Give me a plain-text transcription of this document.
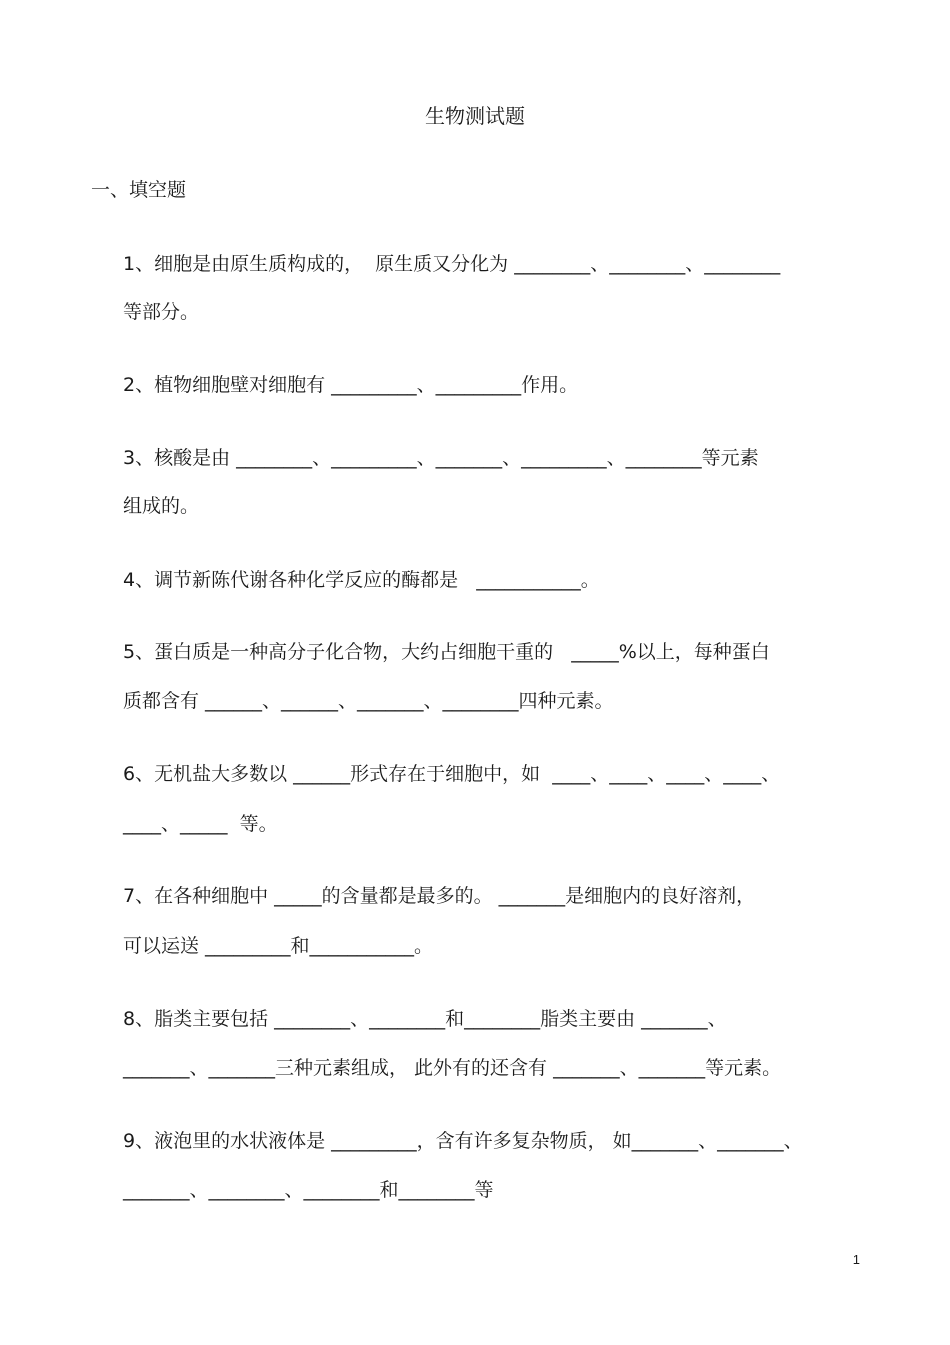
生物测试题
一、填空题
1、细胞是由原生质构成的，  原生质又分化为 ________、________、________
等部分。
2、植物细胞壁对细胞有 _________、_________作用。
3、核酸是由 ________、_________、_______、_________、________等元素
组成的。
4、调节新陈代谢各种化学反应的酶都是   ___________。
5、蛋白质是一种高分子化合物，大约占细胞干重的   _____%以上，每种蛋白
质都含有 ______、______、_______、________四种元素。
6、无机盐大多数以 ______形式存在于细胞中，如  ____、____、____、____、
____、_____  等。
7、在各种细胞中 _____的含量都是最多的。 _______是细胞内的良好溶剂，
可以运送 _________和___________。
8、脂类主要包括 ________、________和________脂类主要由 _______、
_______、_______三种元素组成， 此外有的还含有 _______、_______等元素。
9、液泡里的水状液体是 _________，含有许多复杂物质， 如_______、_______、
_______、________、________和________等
1
